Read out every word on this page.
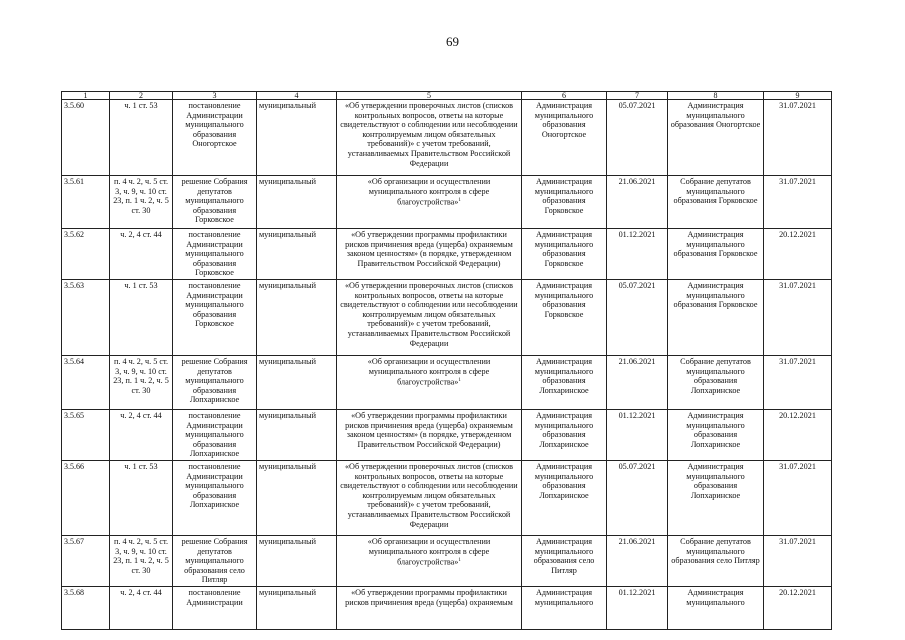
69
1	2	3	4	5	6	7	8	9
3.5.60	ч. 1 ст. 53	постановление Администрации муниципального образования Оногортское	муниципальный	«Об утверждении проверочных листов (списков контрольных вопросов, ответы на которые свидетельствуют о соблюдении или несоблюдении контролируемым лицом обязательных требований)» с учетом требований, устанавливаемых Правительством Российской Федерации	Администрация муниципального образования Оногортское	05.07.2021	Администрация муниципального образования Оногортское	31.07.2021
3.5.61	п. 4 ч. 2, ч. 5 ст. 3, ч. 9, ч. 10 ст. 23, п. 1 ч. 2, ч. 5 ст. 30	решение Собрания депутатов муниципального образования Горковское	муниципальный	«Об организации и осуществлении муниципального контроля в сфере благоустройства»$^1$	Администрация муниципального образования Горковское	21.06.2021	Собрание депутатов муниципального образования Горковское	31.07.2021
3.5.62	ч. 2, 4 ст. 44	постановление Администрации муниципального образования Горковское	муниципальный	«Об утверждении программы профилактики рисков причинения вреда (ущерба) охраняемым законом ценностям» (в порядке, утвержденном Правительством Российской Федерации)	Администрация муниципального образования Горковское	01.12.2021	Администрация муниципального образования Горковское	20.12.2021
3.5.63	ч. 1 ст. 53	постановление Администрации муниципального образования Горковское	муниципальный	«Об утверждении проверочных листов (списков контрольных вопросов, ответы на которые свидетельствуют о соблюдении или несоблюдении контролируемым лицом обязательных требований)» с учетом требований, устанавливаемых Правительством Российской Федерации	Администрация муниципального образования Горковское	05.07.2021	Администрация муниципального образования Горковское	31.07.2021
3.5.64	п. 4 ч. 2, ч. 5 ст. 3, ч. 9, ч. 10 ст. 23, п. 1 ч. 2, ч. 5 ст. 30	решение Собрания депутатов муниципального образования Лопхаринское	муниципальный	«Об организации и осуществлении муниципального контроля в сфере благоустройства»$^1$	Администрация муниципального образования Лопхаринское	21.06.2021	Собрание депутатов муниципального образования Лопхаринское	31.07.2021
3.5.65	ч. 2, 4 ст. 44	постановление Администрации муниципального образования Лопхаринское	муниципальный	«Об утверждении программы профилактики рисков причинения вреда (ущерба) охраняемым законом ценностям» (в порядке, утвержденном Правительством Российской Федерации)	Администрация муниципального образования Лопхаринское	01.12.2021	Администрация муниципального образования Лопхаринское	20.12.2021
3.5.66	ч. 1 ст. 53	постановление Администрации муниципального образования Лопхаринское	муниципальный	«Об утверждении проверочных листов (списков контрольных вопросов, ответы на которые свидетельствуют о соблюдении или несоблюдении контролируемым лицом обязательных требований)» с учетом требований, устанавливаемых Правительством Российской Федерации	Администрация муниципального образования Лопхаринское	05.07.2021	Администрация муниципального образования Лопхаринское	31.07.2021
3.5.67	п. 4 ч. 2, ч. 5 ст. 3, ч. 9, ч. 10 ст. 23, п. 1 ч. 2, ч. 5 ст. 30	решение Собрания депутатов муниципального образования село Питляр	муниципальный	«Об организации и осуществлении муниципального контроля в сфере благоустройства»$^1$	Администрация муниципального образования село Питляр	21.06.2021	Собрание депутатов муниципального образования село Питляр	31.07.2021
3.5.68	ч. 2, 4 ст. 44	постановление Администрации	муниципальный	«Об утверждении программы профилактики рисков причинения вреда (ущерба) охраняемым	Администрация муниципального	01.12.2021	Администрация муниципального	20.12.2021
